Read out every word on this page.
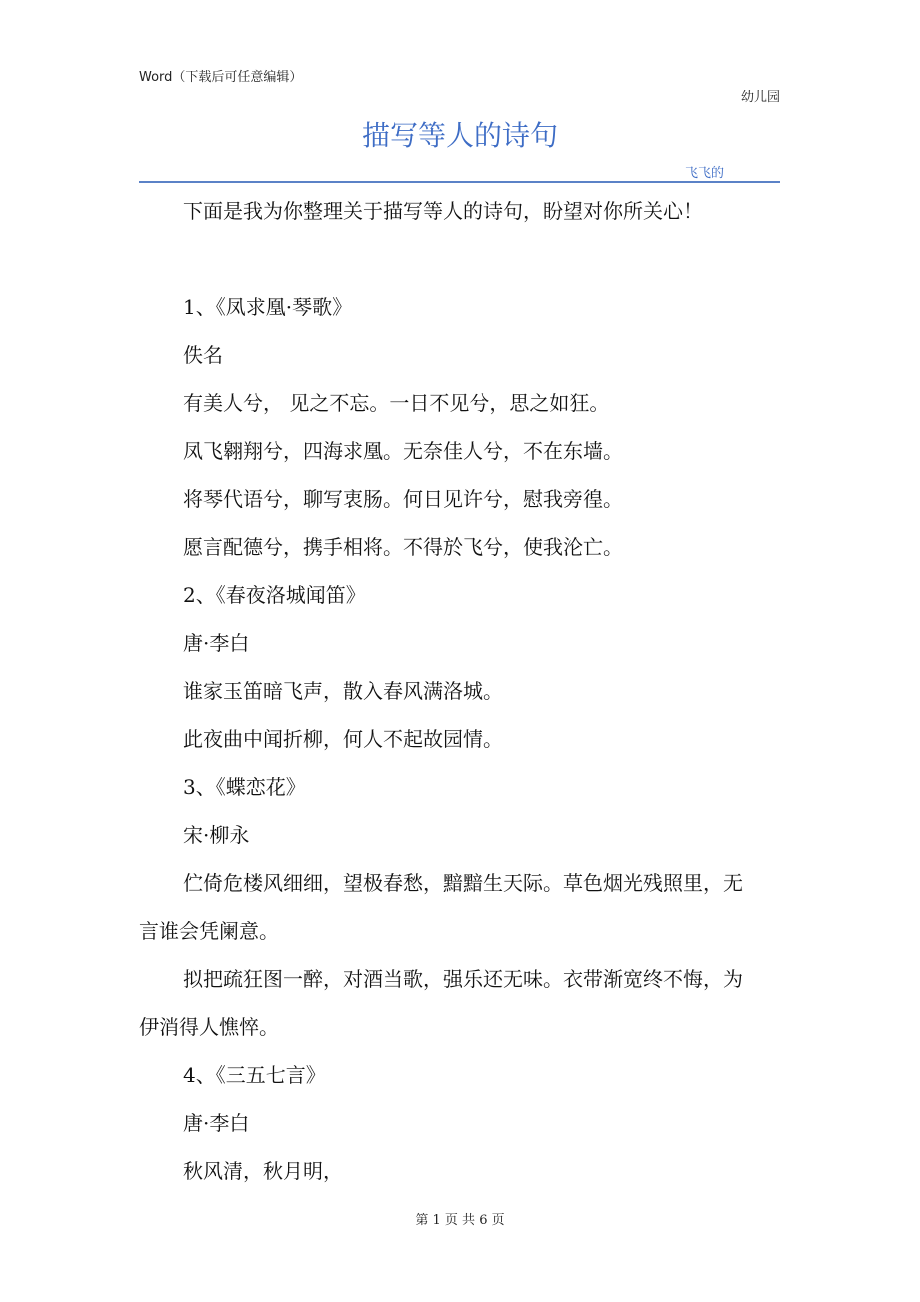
Word（下载后可任意编辑）
幼儿园
描写等人的诗句
飞飞的
下面是我为你整理关于描写等人的诗句，盼望对你所关心！
1、《凤求凰·琴歌》
佚名
有美人兮， 见之不忘。一日不见兮，思之如狂。
凤飞翱翔兮，四海求凰。无奈佳人兮，不在东墙。
将琴代语兮，聊写衷肠。何日见许兮，慰我旁徨。
愿言配德兮，携手相将。不得於飞兮，使我沦亡。
2、《春夜洛城闻笛》
唐·李白
谁家玉笛暗飞声，散入春风满洛城。
此夜曲中闻折柳，何人不起故园情。
3、《蝶恋花》
宋·柳永
伫倚危楼风细细，望极春愁，黯黯生天际。草色烟光残照里，无
言谁会凭阑意。
拟把疏狂图一醉，对酒当歌，强乐还无味。衣带渐宽终不悔，为
伊消得人憔悴。
4、《三五七言》
唐·李白
秋风清，秋月明，
第 1 页 共 6 页
